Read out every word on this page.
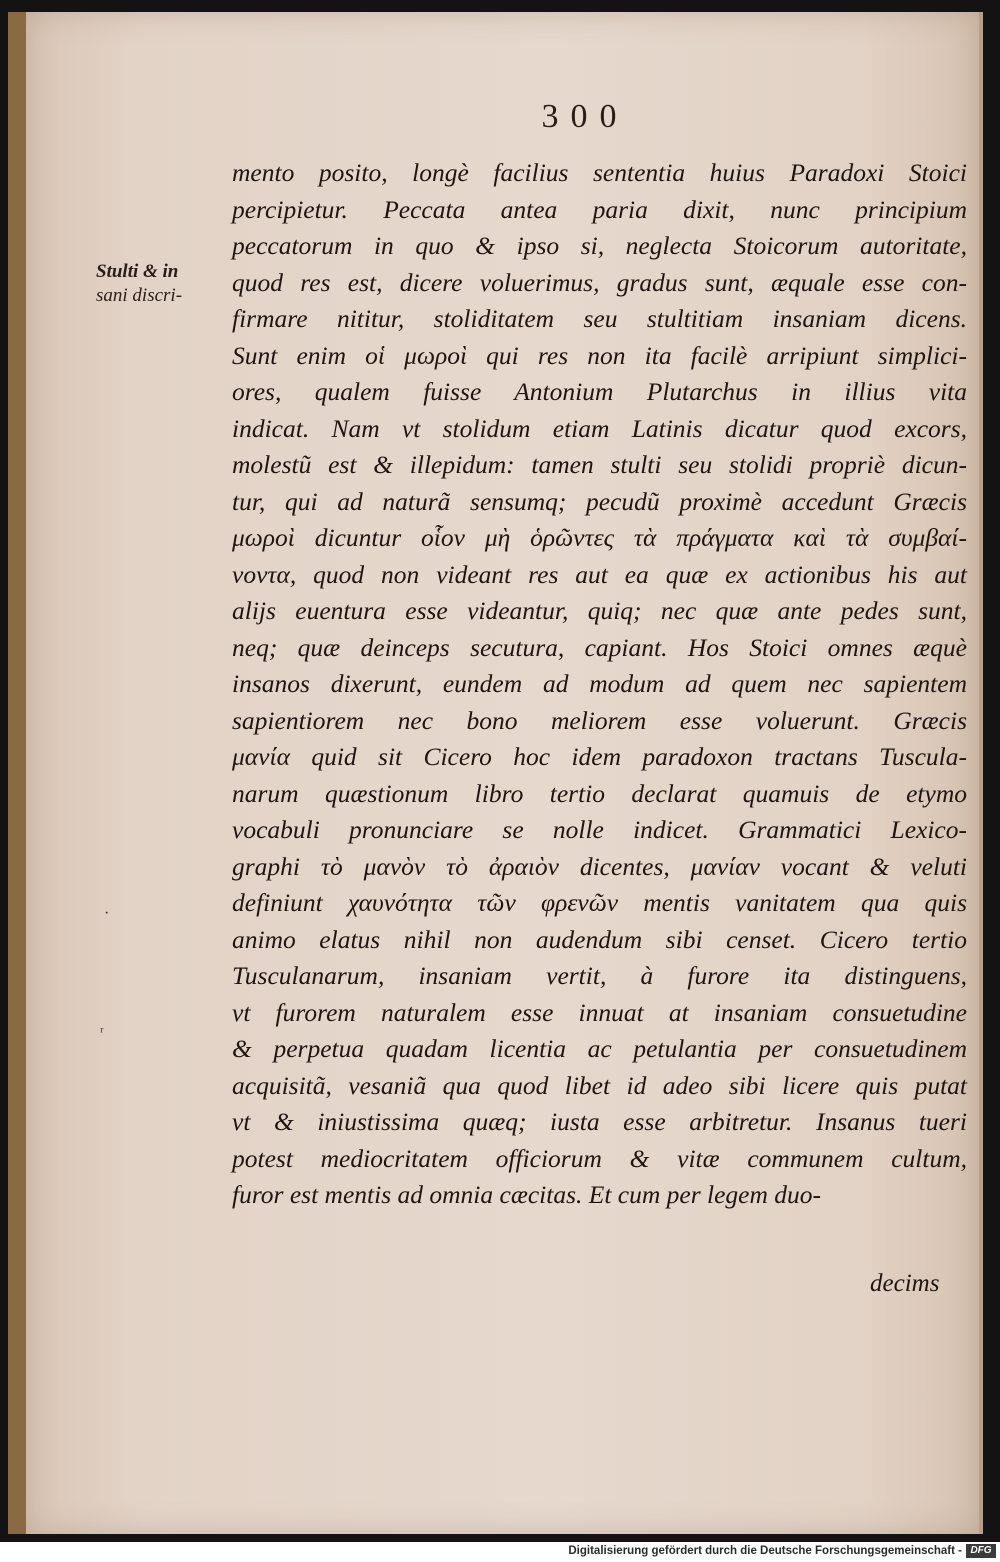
300
Stulti & in
sani discri-
mento posito, longè facilius sententia huius Paradoxi Stoici
percipietur. Peccata antea paria dixit, nunc principium
peccatorum in quo & ipso si, neglecta Stoicorum autoritate,
quod res est, dicere voluerimus, gradus sunt, æquale esse con-
firmare nititur, stoliditatem seu stultitiam insaniam dicens.
Sunt enim οἱ μωροὶ qui res non ita facilè arripiunt simplici-
ores, qualem fuisse Antonium Plutarchus in illius vita
indicat. Nam vt stolidum etiam Latinis dicatur quod excors,
molestũ est & illepidum: tamen stulti seu stolidi propriè dicun-
tur, qui ad naturã sensumq; pecudũ proximè accedunt Græcis
μωροὶ dicuntur οἷον μὴ ὁρῶντες τὰ πράγματα καὶ τὰ συμβαί-
νοντα, quod non videant res aut ea quæ ex actionibus his aut
alijs euentura esse videantur, quiq; nec quæ ante pedes sunt,
neq; quæ deinceps secutura, capiant. Hos Stoici omnes æquè
insanos dixerunt, eundem ad modum ad quem nec sapientem
sapientiorem nec bono meliorem esse voluerunt. Græcis
μανία quid sit Cicero hoc idem paradoxon tractans Tuscula-
narum quæstionum libro tertio declarat quamuis de etymo
vocabuli pronunciare se nolle indicet. Grammatici Lexico-
graphi τὸ μανὸν τὸ ἀραιὸν dicentes, μανίαν vocant & veluti
definiunt χαυνότητα τῶν φρενῶν mentis vanitatem qua quis
animo elatus nihil non audendum sibi censet. Cicero tertio
Tusculanarum, insaniam vertit, à furore ita distinguens,
vt furorem naturalem esse innuat at insaniam consuetudine
& perpetua quadam licentia ac petulantia per consuetudinem
acquisitã, vesaniã qua quod libet id adeo sibi licere quis putat
vt & iniustissima quæq; iusta esse arbitretur. Insanus tueri
potest mediocritatem officiorum & vitæ communem cultum,
furor est mentis ad omnia cæcitas. Et cum per legem duo-
decims
·
ʳ
Digitalisierung gefördert durch die Deutsche Forschungsgemeinschaft - DFG
